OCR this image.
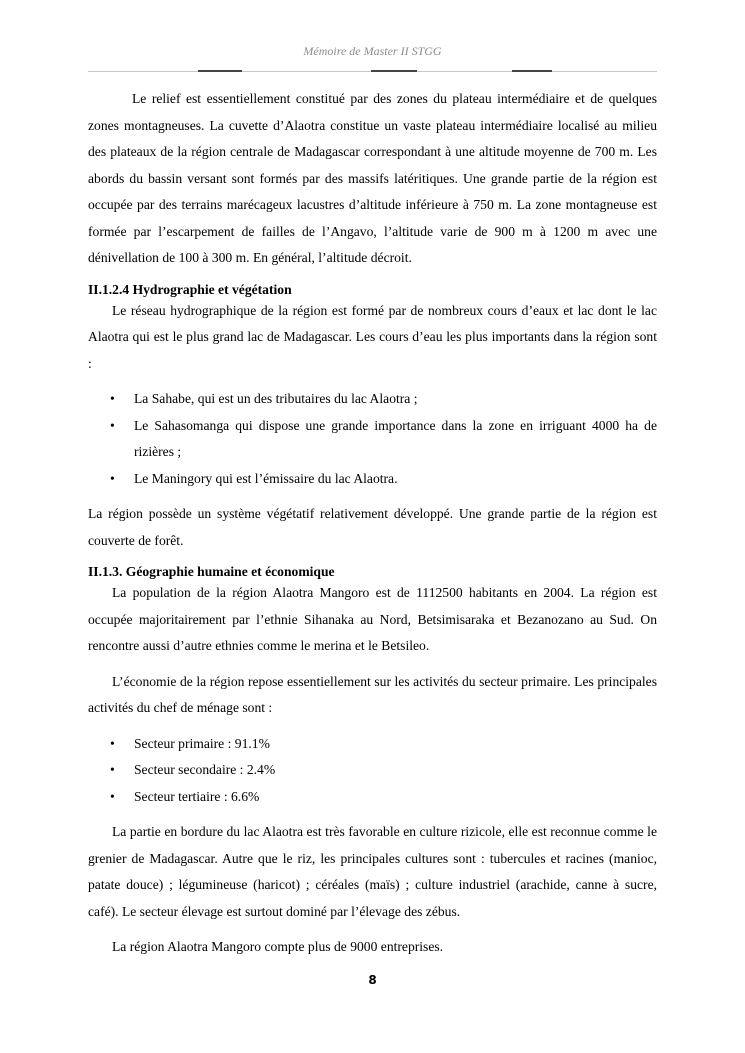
Mémoire de Master II STGG

Le relief est essentiellement constitué par des zones du plateau intermédiaire et de quelques zones montagneuses. La cuvette d’Alaotra constitue un vaste plateau intermédiaire localisé au milieu des plateaux de la région centrale de Madagascar correspondant à une altitude moyenne de 700 m. Les abords du bassin versant sont formés par des massifs latéritiques. Une grande partie de la région est occupée par des terrains marécageux lacustres d’altitude inférieure à 750 m. La zone montagneuse est formée par l’escarpement de failles de l’Angavo, l’altitude varie de 900 m à 1200 m avec une dénivellation de 100 à 300 m. En général, l’altitude décroit.

II.1.2.4 Hydrographie et végétation

Le réseau hydrographique de la région est formé par de nombreux cours d’eaux et lac dont le lac Alaotra qui est le plus grand lac de Madagascar. Les cours d’eau les plus importants dans la région sont :

• La Sahabe, qui est un des tributaires du lac Alaotra ;
• Le Sahasomanga qui dispose une grande importance dans la zone en irriguant 4000 ha de rizières ;
• Le Maningory qui est l’émissaire du lac Alaotra.

La région possède un système végétatif relativement développé. Une grande partie de la région est couverte de forêt.

II.1.3. Géographie humaine et économique

La population de la région Alaotra Mangoro est de 1112500 habitants en 2004. La région est occupée majoritairement par l’ethnie Sihanaka au Nord, Betsimisaraka et Bezanozano au Sud. On rencontre aussi d’autre ethnies comme le merina et le Betsileo.

L’économie de la région repose essentiellement sur les activités du secteur primaire. Les principales activités du chef de ménage sont :

• Secteur primaire : 91.1%
• Secteur secondaire : 2.4%
• Secteur tertiaire : 6.6%

La partie en bordure du lac Alaotra est très favorable en culture rizicole, elle est reconnue comme le grenier de Madagascar. Autre que le riz, les principales cultures sont : tubercules et racines (manioc, patate douce) ; légumineuse (haricot) ; céréales (maïs) ; culture industriel (arachide, canne à sucre, café). Le secteur élevage est surtout dominé par l’élevage des zébus.

La région Alaotra Mangoro compte plus de 9000 entreprises.

8
